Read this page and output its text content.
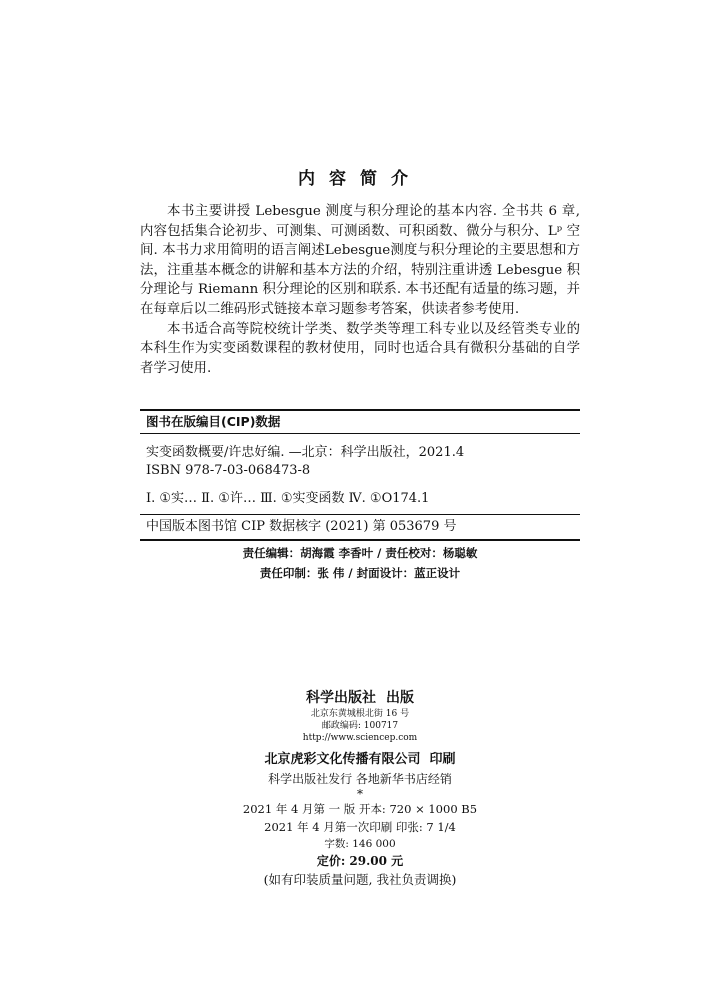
内容简介

本书主要讲授 Lebesgue 测度与积分理论的基本内容. 全书共 6 章, 内容包括集合论初步、可测集、可测函数、可积函数、微分与积分、Lᵖ 空间. 本书力求用简明的语言阐述Lebesgue测度与积分理论的主要思想和方法，注重基本概念的讲解和基本方法的介绍，特别注重讲透 Lebesgue 积分理论与 Riemann 积分理论的区别和联系. 本书还配有适量的练习题，并在每章后以二维码形式链接本章习题参考答案，供读者参考使用.

本书适合高等院校统计学类、数学类等理工科专业以及经管类专业的本科生作为实变函数课程的教材使用，同时也适合具有微积分基础的自学者学习使用.

图书在版编目(CIP)数据
实变函数概要/许忠好编. —北京：科学出版社，2021.4
ISBN 978-7-03-068473-8
Ⅰ. ①实… Ⅱ. ①许… Ⅲ. ①实变函数 Ⅳ. ①O174.1
中国版本图书馆 CIP 数据核字 (2021) 第 053679 号
责任编辑：胡海霞 李香叶 / 责任校对：杨聪敏
责任印制：张 伟 / 封面设计：蓝正设计
科学出版社 出版
北京东黄城根北街 16 号
邮政编码: 100717
http://www.sciencep.com
北京虎彩文化传播有限公司 印刷
科学出版社发行 各地新华书店经销
*
2021 年 4 月第 一 版 开本: 720 × 1000 B5
2021 年 4 月第一次印刷 印张: 7 1/4
字数: 146 000
定价: 29.00 元
(如有印装质量问题, 我社负责调换)
